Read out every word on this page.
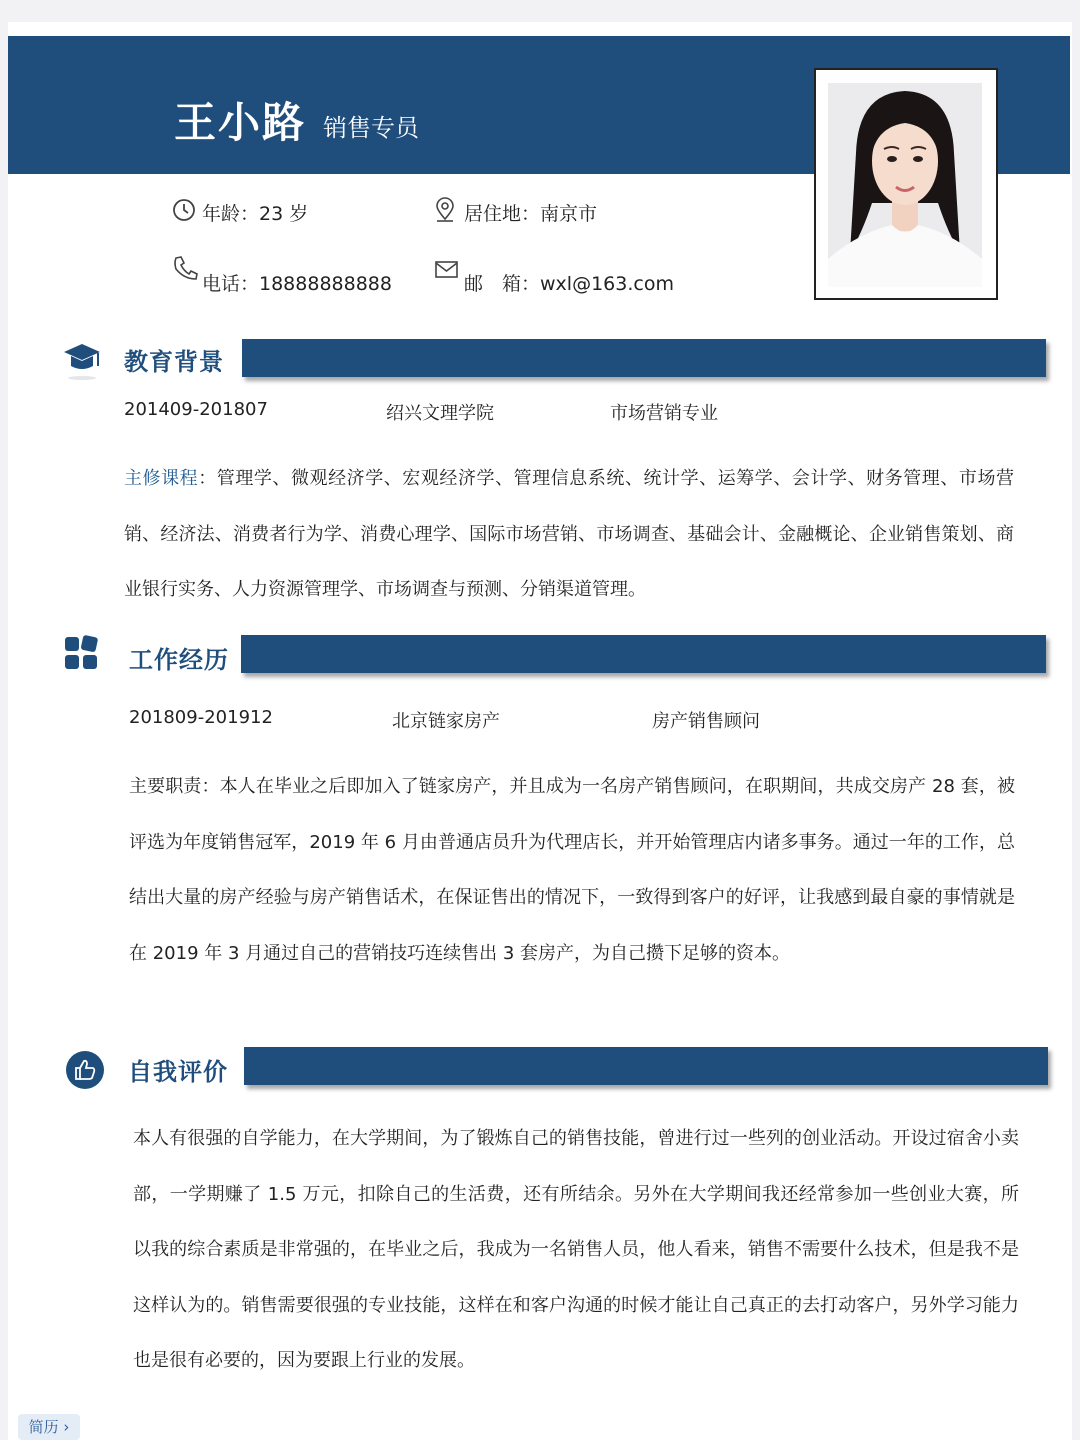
王小路 销售专员
年龄：23 岁	居住地：南京市
电话：18888888888	邮　箱：wxl@163.com
教育背景
201409-201807	绍兴文理学院	市场营销专业
主修课程：管理学、微观经济学、宏观经济学、管理信息系统、统计学、运筹学、会计学、财务管理、市场营销、经济法、消费者行为学、消费心理学、国际市场营销、市场调查、基础会计、金融概论、企业销售策划、商业银行实务、人力资源管理学、市场调查与预测、分销渠道管理。
工作经历
201809-201912	北京链家房产	房产销售顾问
主要职责：本人在毕业之后即加入了链家房产，并且成为一名房产销售顾问，在职期间，共成交房产 28 套，被评选为年度销售冠军，2019 年 6 月由普通店员升为代理店长，并开始管理店内诸多事务。通过一年的工作，总结出大量的房产经验与房产销售话术，在保证售出的情况下，一致得到客户的好评，让我感到最自豪的事情就是在 2019 年 3 月通过自己的营销技巧连续售出 3 套房产，为自己攒下足够的资本。
自我评价
本人有很强的自学能力，在大学期间，为了锻炼自己的销售技能，曾进行过一些列的创业活动。开设过宿舍小卖部，一学期赚了 1.5 万元，扣除自己的生活费，还有所结余。另外在大学期间我还经常参加一些创业大赛，所以我的综合素质是非常强的，在毕业之后，我成为一名销售人员，他人看来，销售不需要什么技术，但是我不是这样认为的。销售需要很强的专业技能，这样在和客户沟通的时候才能让自己真正的去打动客户，另外学习能力也是很有必要的，因为要跟上行业的发展。
简历 ›
